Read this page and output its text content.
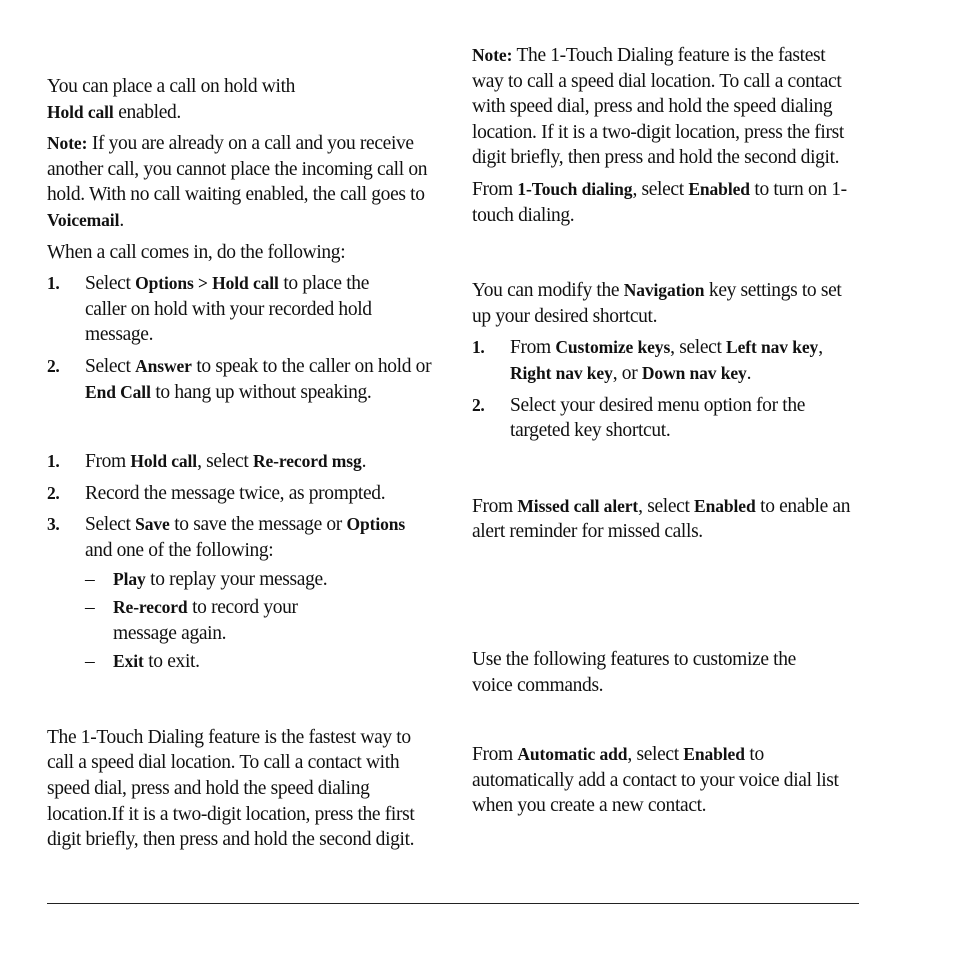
You can place a call on hold with
Hold call enabled.

Note: If you are already on a call and you receive another call, you cannot place the incoming call on hold. With no call waiting enabled, the call goes to Voicemail.

When a call comes in, do the following:

1. Select Options > Hold call to place the caller on hold with your recorded hold message.
2. Select Answer to speak to the caller on hold or End Call to hang up without speaking.
1. From Hold call, select Re-record msg.
2. Record the message twice, as prompted.
3. Select Save to save the message or Options and one of the following:
– Play to replay your message.
– Re-record to record your message again.
– Exit to exit.

The 1-Touch Dialing feature is the fastest way to call a speed dial location. To call a contact with speed dial, press and hold the speed dialing location.If it is a two-digit location, press the first digit briefly, then press and hold the second digit.

Note: The 1-Touch Dialing feature is the fastest way to call a speed dial location. To call a contact with speed dial, press and hold the speed dialing location. If it is a two-digit location, press the first digit briefly, then press and hold the second digit.

From 1-Touch dialing, select Enabled to turn on 1-touch dialing.

You can modify the Navigation key settings to set up your desired shortcut.

1. From Customize keys, select Left nav key, Right nav key, or Down nav key.
2. Select your desired menu option for the targeted key shortcut.

From Missed call alert, select Enabled to enable an alert reminder for missed calls.

Use the following features to customize the voice commands.

From Automatic add, select Enabled to automatically add a contact to your voice dial list when you create a new contact.
